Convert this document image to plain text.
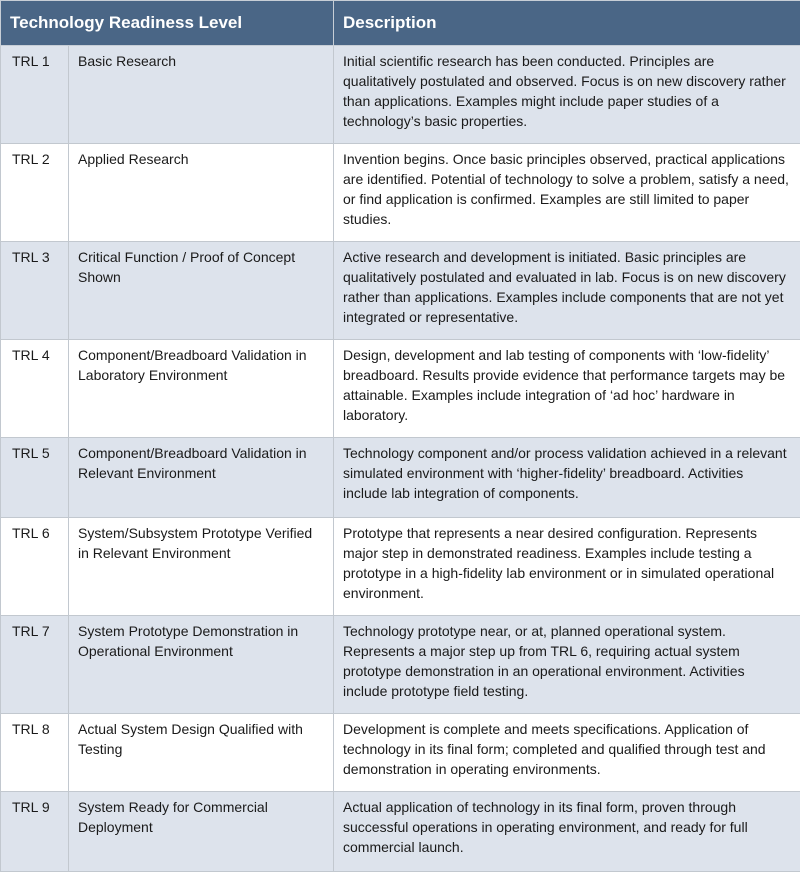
Technology Readiness Level		Description
TRL 1	Basic Research	Initial scientific research has been conducted. Principles are qualitatively postulated and observed. Focus is on new discovery rather than applications. Examples might include paper studies of a technology’s basic properties.
TRL 2	Applied Research	Invention begins. Once basic principles observed, practical applications are identified. Potential of technology to solve a problem, satisfy a need, or find application is confirmed. Examples are still limited to paper studies.
TRL 3	Critical Function / Proof of Concept Shown	Active research and development is initiated. Basic principles are qualitatively postulated and evaluated in lab. Focus is on new discovery rather than applications. Examples include components that are not yet integrated or representative.
TRL 4	Component/Breadboard Validation in Laboratory Environment	Design, development and lab testing of components with ‘low-fidelity’ breadboard. Results provide evidence that performance targets may be attainable. Examples include integration of ‘ad hoc’ hardware in laboratory.
TRL 5	Component/Breadboard Validation in Relevant Environment	Technology component and/or process validation achieved in a relevant simulated environment with ‘higher-fidelity’ breadboard. Activities include lab integration of components.
TRL 6	System/Subsystem Prototype Verified in Relevant Environment	Prototype that represents a near desired configuration. Represents major step in demonstrated readiness. Examples include testing a prototype in a high-fidelity lab environment or in simulated operational environment.
TRL 7	System Prototype Demonstration in Operational Environment	Technology prototype near, or at, planned operational system. Represents a major step up from TRL 6, requiring actual system prototype demonstration in an operational environment. Activities include prototype field testing.
TRL 8	Actual System Design Qualified with Testing	Development is complete and meets specifications. Application of technology in its final form; completed and qualified through test and demonstration in operating environments.
TRL 9	System Ready for Commercial Deployment	Actual application of technology in its final form, proven through successful operations in operating environment, and ready for full commercial launch.
